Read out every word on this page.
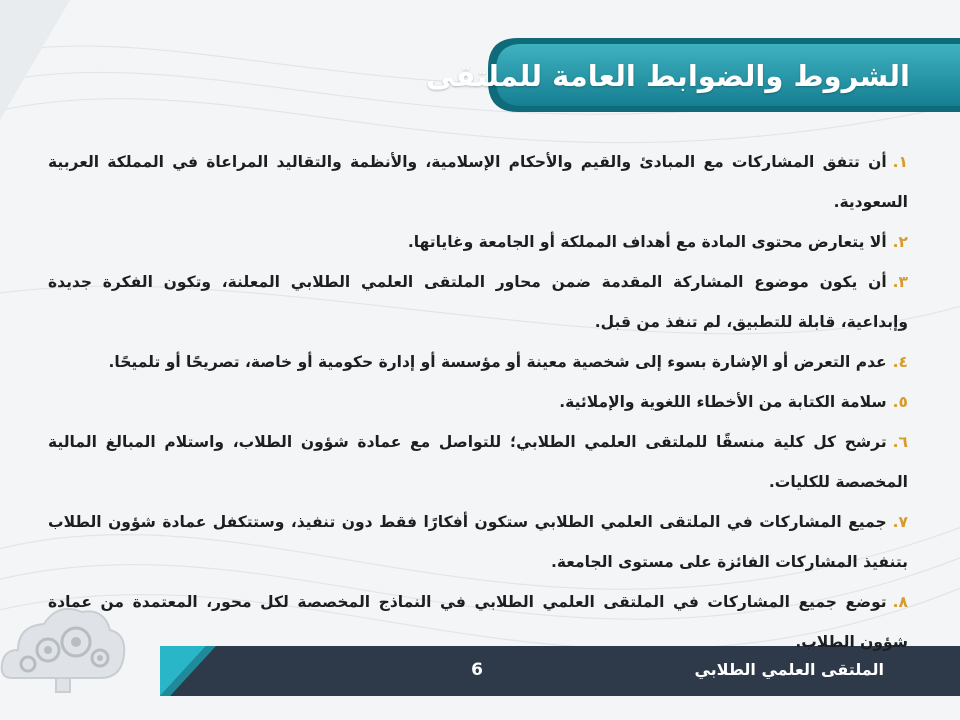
الشروط والضوابط العامة للملتقى

١.أن تتفق المشاركات مع المبادئ والقيم والأحكام الإسلامية، والأنظمة والتقاليد المراعاة في المملكة العربية السعودية.

٢.ألا يتعارض محتوى المادة مع أهداف المملكة أو الجامعة وغاياتها.

٣.أن يكون موضوع المشاركة المقدمة ضمن محاور الملتقى العلمي الطلابي المعلنة، وتكون الفكرة جديدة وإبداعية، قابلة للتطبيق، لم تنفذ من قبل.

٤.عدم التعرض أو الإشارة بسوء إلى شخصية معينة أو مؤسسة أو إدارة حكومية أو خاصة، تصريحًا أو تلميحًا.

٥.سلامة الكتابة من الأخطاء اللغوية والإملائية.

٦.ترشح كل كلية منسقًا للملتقى العلمي الطلابي؛ للتواصل مع عمادة شؤون الطلاب، واستلام المبالغ المالية المخصصة للكليات.

٧.جميع المشاركات في الملتقى العلمي الطلابي ستكون أفكارًا فقط دون تنفيذ، وستتكفل عمادة شؤون الطلاب بتنفيذ المشاركات الفائزة على مستوى الجامعة.

٨.توضع جميع المشاركات في الملتقى العلمي الطلابي في النماذج المخصصة لكل محور، المعتمدة من عمادة شؤون الطلاب.

6	الملتقى العلمي الطلابي
